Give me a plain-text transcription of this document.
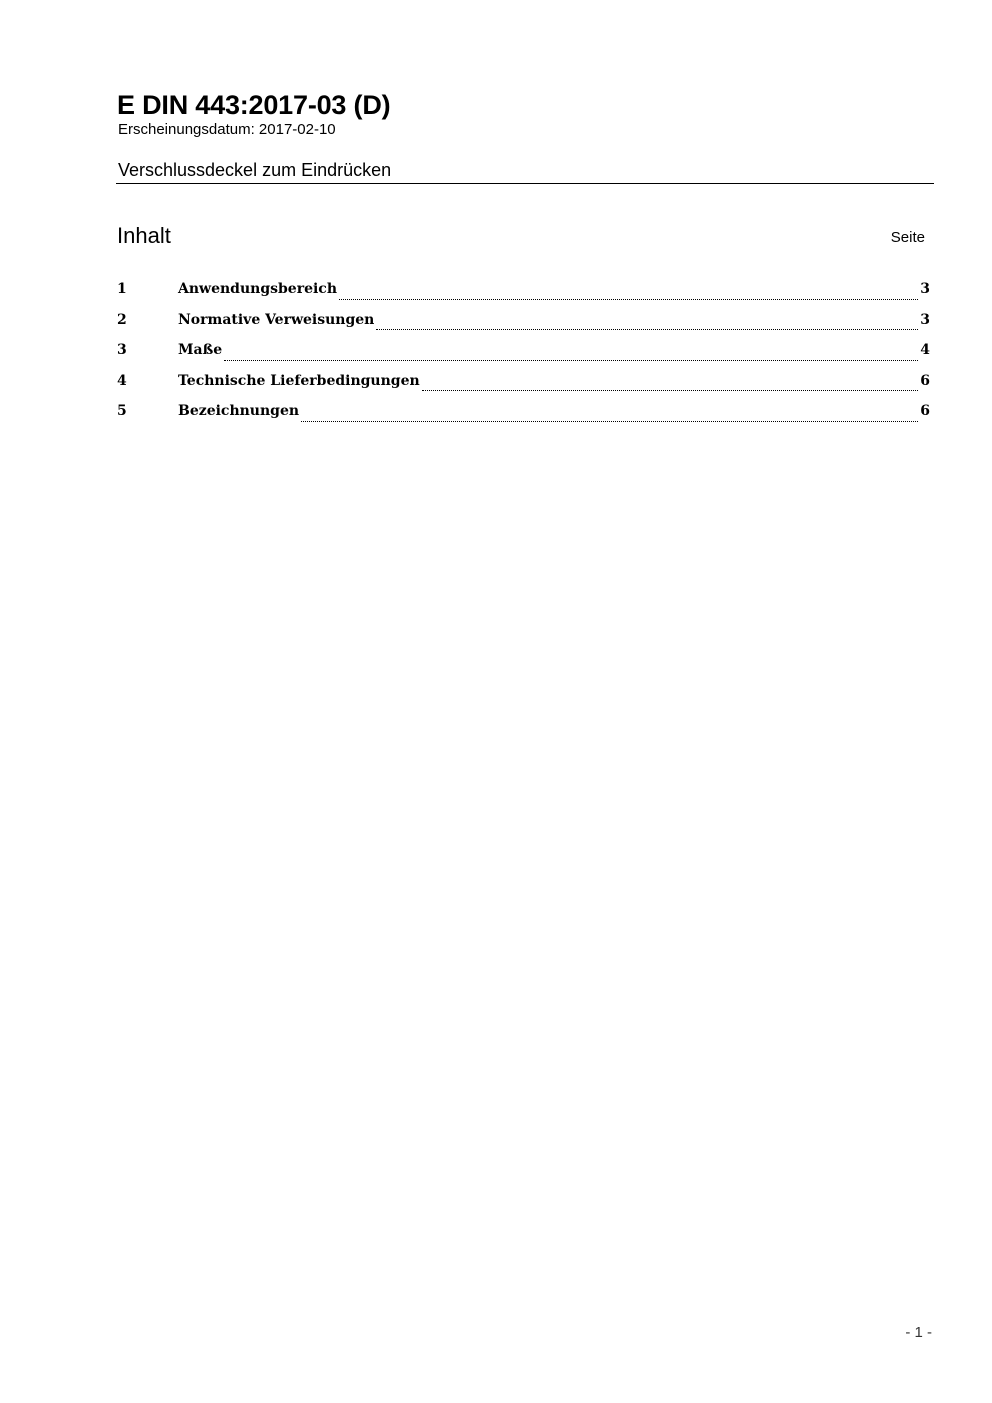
E DIN 443:2017-03 (D)
Erscheinungsdatum: 2017-02-10
Verschlussdeckel zum Eindrücken
Inhalt	Seite
1	Anwendungsbereich	3
2	Normative Verweisungen	3
3	Maße	4
4	Technische Lieferbedingungen	6
5	Bezeichnungen	6
- 1 -
